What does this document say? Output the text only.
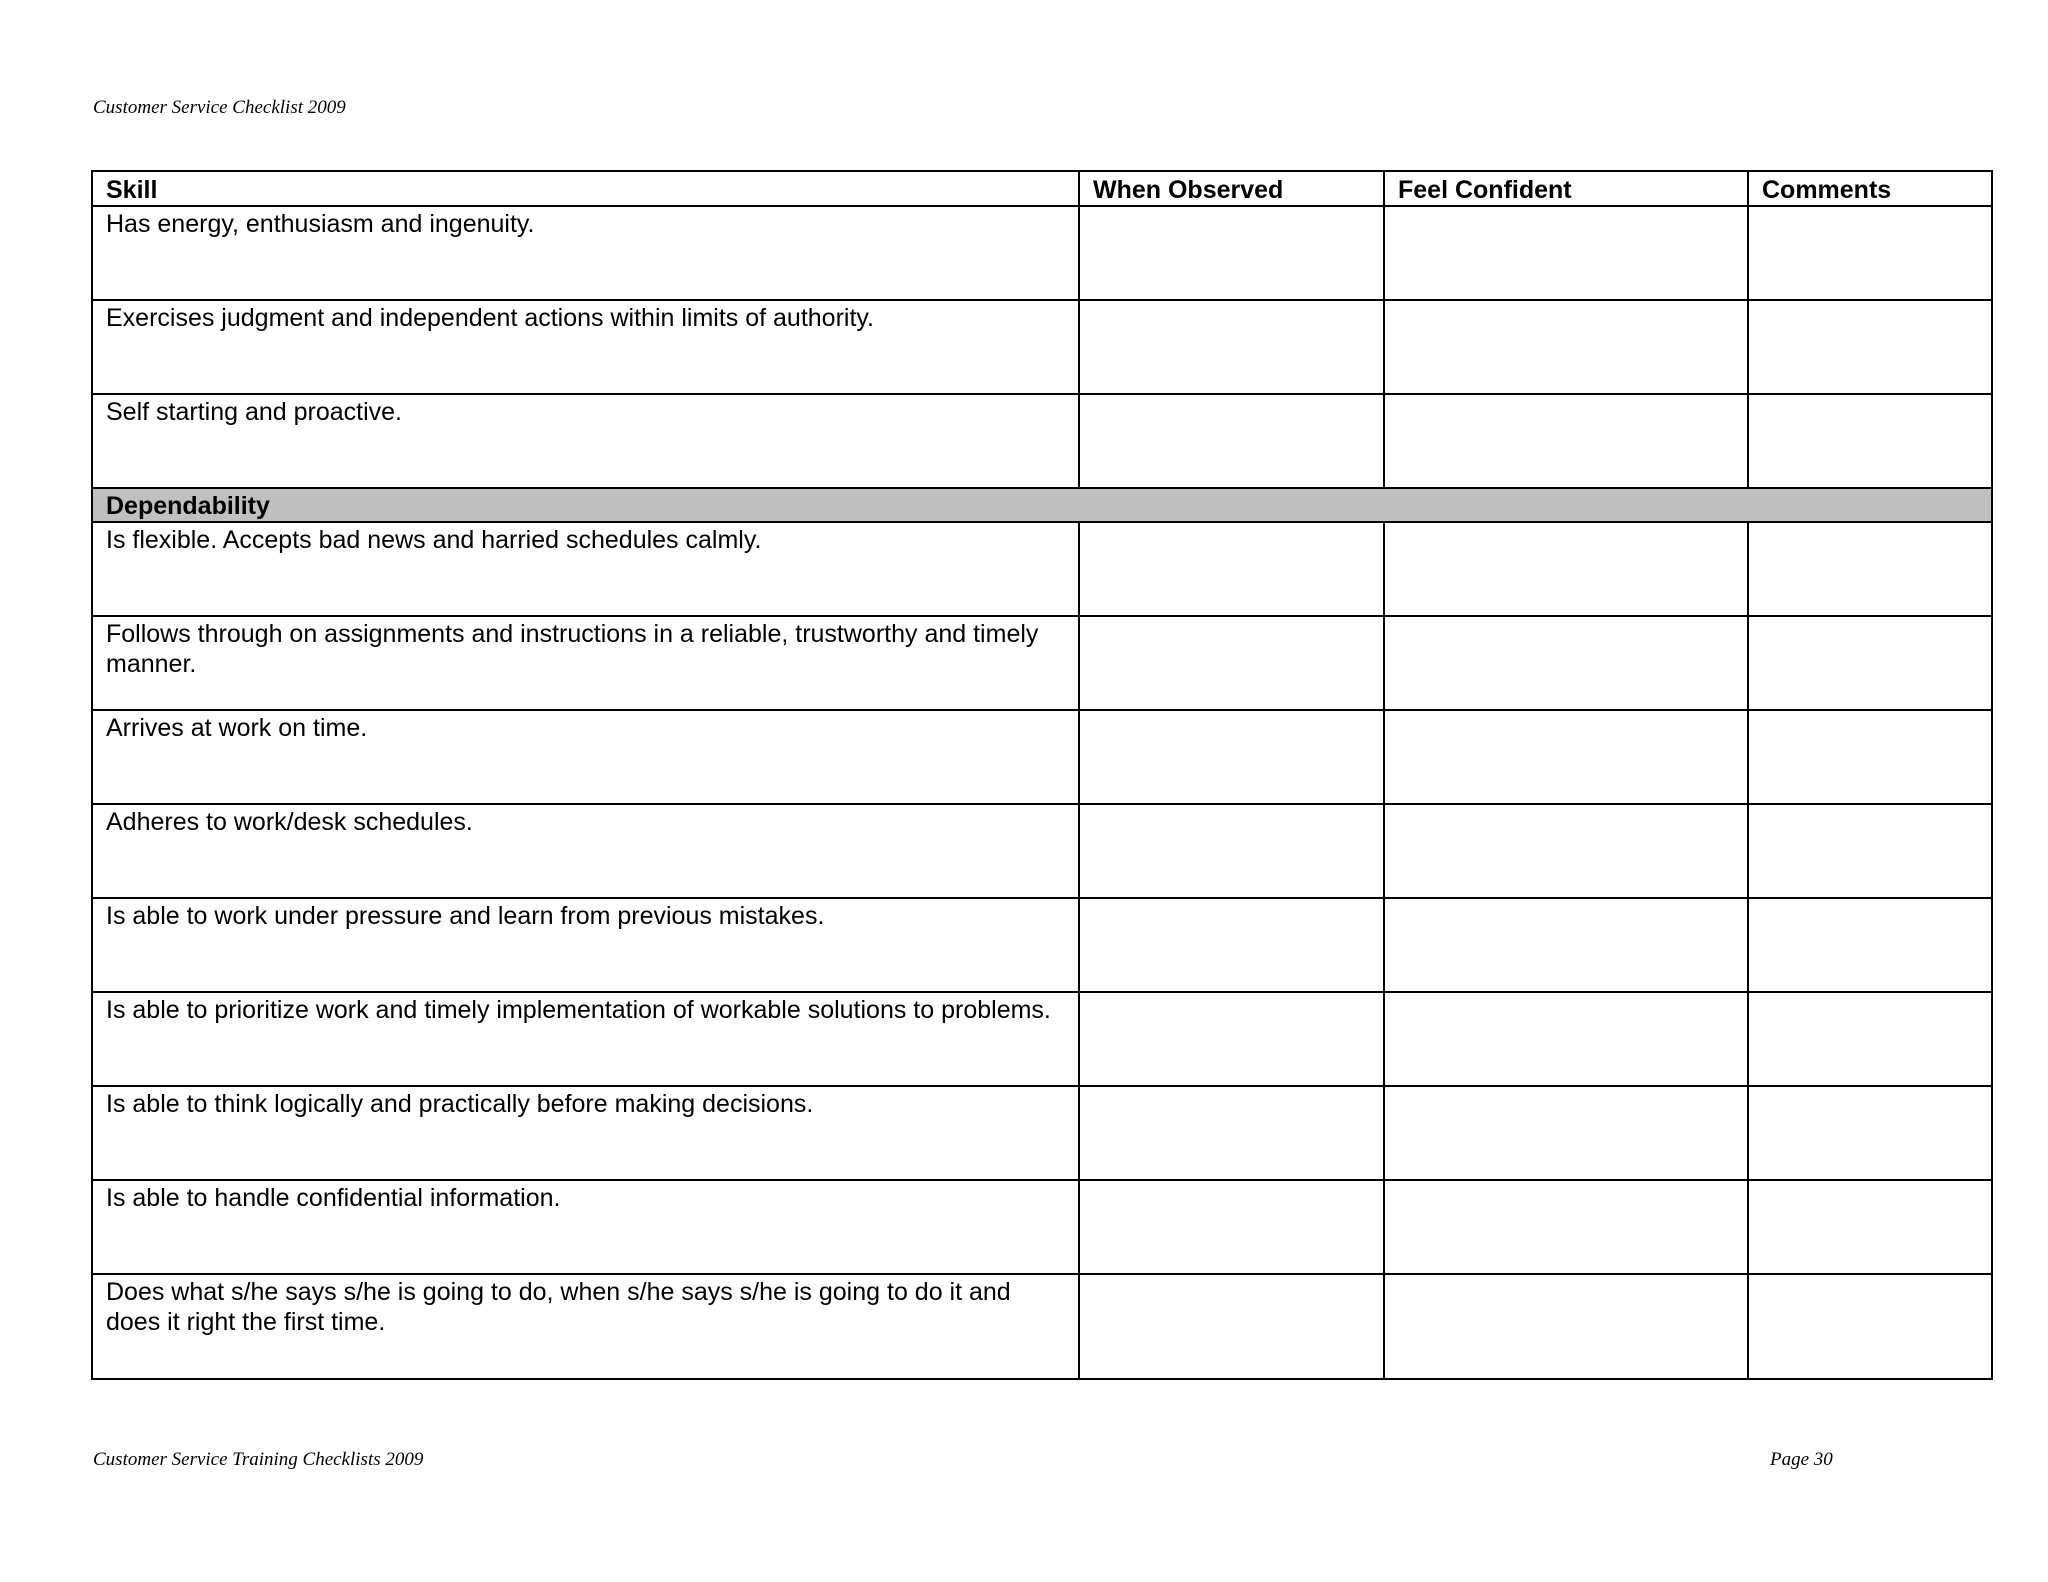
Customer Service Checklist 2009
Skill	When Observed	Feel Confident	Comments
Has energy, enthusiasm and ingenuity.			
Exercises judgment and independent actions within limits of authority.			
Self starting and proactive.			
Dependability			
Is flexible. Accepts bad news and harried schedules calmly.			
Follows through on assignments and instructions in a reliable, trustworthy and timely manner.			
Arrives at work on time.			
Adheres to work/desk schedules.			
Is able to work under pressure and learn from previous mistakes.			
Is able to prioritize work and timely implementation of workable solutions to problems.			
Is able to think logically and practically before making decisions.			
Is able to handle confidential information.			
Does what s/he says s/he is going to do, when s/he says s/he is going to do it and does it right the first time.			
Customer Service Training Checklists 2009	Page 30
